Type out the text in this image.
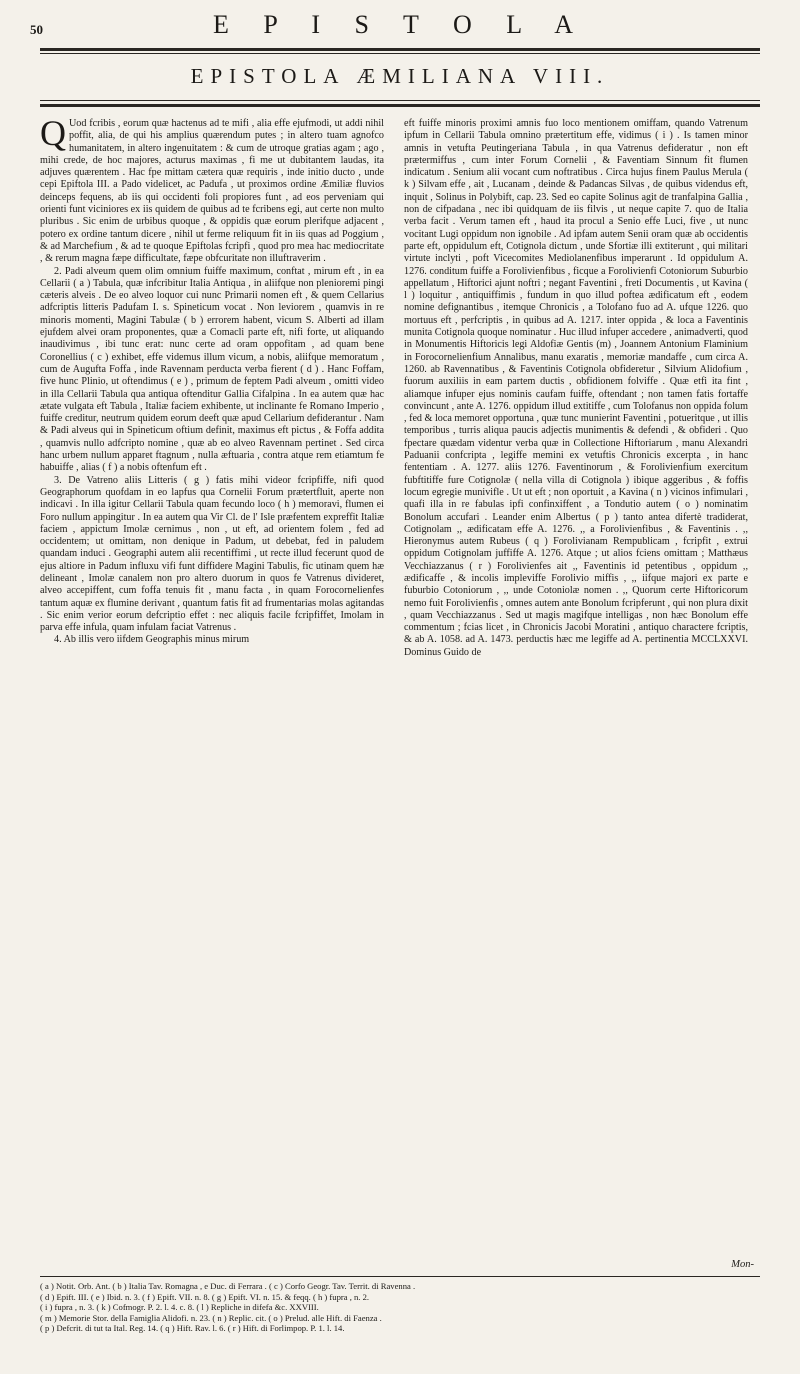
50	E P I S T O L A
EPISTOLA ÆMILIANA VIII.

Q Uod fcribis , eorum quæ hactenus ad te mifi , alia effe ejufmodi, ut addi nihil poffit, alia, de qui his amplius quærendum putes ; in altero tuam agnofco humanitatem, in altero ingenuitatem : & cum de utroque gratias agam ; ago , mihi crede, de hoc majores, acturus maximas , fi me ut dubitantem laudas, ita adjuves quærentem . Hac fpe mittam cætera quæ requiris , inde initio ducto , unde cepi Epiftola III. a Pado videlicet, ac Padufa , ut proximos ordine Æmiliæ fluvios deinceps fequens, ab iis qui occidenti foli propiores funt , ad eos perveniam qui orienti funt viciniores ex iis quidem de quibus ad te fcribens egi, aut certe non multo pluribus . Sic enim de urbibus quoque , & oppidis quæ eorum plerifque adjacent , potero ex ordine tantum dicere , nihil ut ferme reliquum fit in iis quas ad Poggium , & ad Marchefium , & ad te quoque Epiftolas fcripfi , quod pro mea hac mediocritate , & rerum magna fæpe difficultate, fæpe obfcuritate non illuftraverim .

2. Padi alveum quem olim omnium fuiffe maximum, conftat , mirum eft , in ea Cellarii ( a ) Tabula, quæ infcribitur Italia Antiqua , in aliifque non plenioremi pingi cæteris alveis . De eo alveo loquor cui nunc Primarii nomen eft , & quem Cellarius adfcriptis litteris Padufam I. s. Spineticum vocat . Non leviorem , quamvis in re minoris momenti, Magini Tabulæ ( b ) errorem habent, vicum S. Alberti ad illam ejufdem alvei oram proponentes, quæ a Comacli parte eft, nifi forte, ut aliquando inaudivimus , ibi tunc erat: nunc certe ad oram oppofitam , ad quam bene Coronellius ( c ) exhibet, effe videmus illum vicum, a nobis, aliifque memoratum , cum de Augufta Foffa , inde Ravennam perducta verba fierent ( d ) . Hanc Foffam, five hunc Plinio, ut oftendimus ( e ) , primum de feptem Padi alveum , omitti video in illa Cellarii Tabula qua antiqua oftenditur Gallia Cifalpina . In ea autem quæ hac ætate vulgata eft Tabula , Italiæ faciem exhibente, ut inclinante fe Romano Imperio , fuiffe creditur, neutrum quidem eorum deeft quæ apud Cellarium defiderantur . Nam & Padi alveus qui in Spineticum oftium definit, maximus eft pictus , & Foffa addita , quamvis nullo adfcripto nomine , quæ ab eo alveo Ravennam pertinet . Sed circa hanc urbem nullum apparet ftagnum , nulla æftuaria , contra atque rem etiamtum fe habuiffe , alias ( f ) a nobis oftenfum eft .

3. De Vatreno aliis Litteris ( g ) fatis mihi videor fcripfiffe, nifi quod Geographorum quofdam in eo lapfus qua Cornelii Forum prætertfluit, aperte non indicavi . In illa igitur Cellarii Tabula quam fecundo loco ( h ) memoravi, flumen ei Foro nullum appingitur . In ea autem qua Vir Cl. de l' Isle præfentem expreffit Italiæ faciem , appictum Imolæ cernimus , non , ut eft, ad orientem folem , fed ad occidentem; ut omittam, non denique in Padum, ut debebat, fed in paludem quandam induci . Geographi autem alii recentiffimi , ut recte illud fecerunt quod de ejus altiore in Padum influxu vifi funt diffidere Magini Tabulis, fic utinam quem hæ delineant , Imolæ canalem non pro altero duorum in quos fe Vatrenus divideret, alveo accepiffent, cum foffa tenuis fit , manu facta , in quam Forocornelienfes tantum aquæ ex flumine derivant , quantum fatis fit ad frumentarias molas agitandas . Sic enim verior eorum defcriptio effet : nec aliquis facile fcripfiffet, Imolam in parva effe infula, quam infulam faciat Vatrenus .

4. Ab illis vero iifdem Geographis minus mirum

eft fuiffe minoris proximi amnis fuo loco mentionem omiffam, quando Vatrenum ipfum in Cellarii Tabula omnino prætertitum effe, vidimus ( i ) . Is tamen minor amnis in vetufta Peutingeriana Tabula , in qua Vatrenus defideratur , non eft prætermiffus , cum inter Forum Cornelii , & Faventiam Sinnum fit flumen indicatum . Senium alii vocant cum noftratibus . Circa hujus finem Paulus Merula ( k ) Silvam effe , ait , Lucanam , deinde & Padancas Silvas , de quibus videndus eft, inquit , Solinus in Polybift, cap. 23. Sed eo capite Solinus agit de tranfalpina Gallia , non de cifpadana , nec ibi quidquam de iis filvis , ut neque capite 7. quo de Italia verba facit . Verum tamen eft , haud ita procul a Senio effe Luci, five , ut nunc vocitant Lugi oppidum non ignobile . Ad ipfam autem Senii oram quæ ab occidentis parte eft, oppidulum eft, Cotignola dictum , unde Sfortiæ illi extiterunt , qui militari virtute inclyti , poft Vicecomites Mediolanenfibus imperarunt . Id oppidulum A. 1276. conditum fuiffe a Forolivienfibus , ficque a Forolivienfi Cotoniorum Suburbio appellatum , Hiftorici ajunt noftri ; negant Faventini , freti Documentis , ut Kavina ( l ) loquitur , antiquiffimis , fundum in quo illud poftea ædificatum eft , eodem nomine defignantibus , itemque Chronicis , a Tolofano fuo ad A. ufque 1226. quo mortuus eft , perfcriptis , in quibus ad A. 1217. inter oppida , & loca a Faventinis munita Cotignola quoque nominatur . Huc illud infuper accedere , animadverti, quod in Monumentis Hiftoricis legi Aldofiæ Gentis (m) , Joannem Antonium Flaminium in Forocornelienfium Annalibus, manu exaratis , memoriæ mandaffe , cum circa A. 1260. ab Ravennatibus , & Faventinis Cotignola obfideretur , Silvium Alidofium , fuorum auxiliis in eam partem ductis , obfidionem folviffe . Quæ etfi ita fint , aliamque infuper ejus nominis caufam fuiffe, oftendant ; non tamen fatis fortaffe convincunt , ante A. 1276. oppidum illud extitiffe , cum Tolofanus non oppida folum , fed & loca memoret opportuna , quæ tunc munierint Faventini , potueritque , ut illis temporibus , turris aliqua paucis adjectis munimentis & defendi , & obfideri . Quo fpectare quædam videntur verba quæ in Collectione Hiftoriarum , manu Alexandri Paduanii confcripta , legiffe memini ex vetuftis Chronicis excerpta , in hanc fententiam . A. 1277. aliis 1276. Faventinorum , & Forolivienfium exercitum fubftitiffe fure Cotignolæ ( nella villa di Cotignola ) ibique aggeribus , & foffis locum egregie munivifle . Ut ut eft ; non oportuit , a Kavina ( n ) vicinos infimulari , quafi illa in re fabulas ipfi confinxiffent , a Tondutio autem ( o ) nominatim Bonolum accufari . Leander enim Albertus ( p ) tanto antea difertè tradiderat, Cotignolam ,, ædificatam effe A. 1276. ,, a Forolivienfibus , & Faventinis . ,, Hieronymus autem Rubeus ( q ) Forolivianam Rempublicam , fcripfit , extrui oppidum Cotignolam juffiffe A. 1276. Atque ; ut alios fciens omittam ; Matthæus Vecchiazzanus ( r ) Forolivienfes ait ,, Faventinis id petentibus , oppidum ,, ædificaffe , & incolis impleviffe Forolivio miffis , ,, iifque majori ex parte e fuburbio Cotoniorum , ,, unde Cotoniolæ nomen . ,, Quorum certe Hiftoricorum nemo fuit Forolivienfis , omnes autem ante Bonolum fcripferunt , qui non plura dixit , quam Vecchiazzanus . Sed ut magis magifque intelligas , non hæc Bonolum effe commentum ; fcias licet , in Chronicis Jacobi Moratini , antiquo charactere fcriptis, & ab A. 1058. ad A. 1473. perductis hæc me legiffe ad A. pertinentia MCCLXXVI. Dominus Guido de

Mon-
( a ) Notit. Orb. Ant. ( b ) Italia Tav. Romagna , e Duc. di Ferrara . ( c ) Corfo Geogr. Tav. Territ. di Ravenna .
( d ) Epift. III. ( e ) Ibid. n. 3. ( f ) Epift. VII. n. 8. ( g ) Epift. VI. n. 15. & feqq. ( h ) fupra , n. 2.
( i ) fupra , n. 3. ( k ) Cofmogr. P. 2. l. 4. c. 8. ( l ) Repliche in difefa &c. XXVIII.
( m ) Memorie Stor. della Famiglia Alidofi. n. 23. ( n ) Replic. cit. ( o ) Prelud. alle Hift. di Faenza .
( p ) Defcrit. di tut ta Ital. Reg. 14. ( q ) Hift. Rav. l. 6. ( r ) Hift. di Forlimpop. P. 1. l. 14.
